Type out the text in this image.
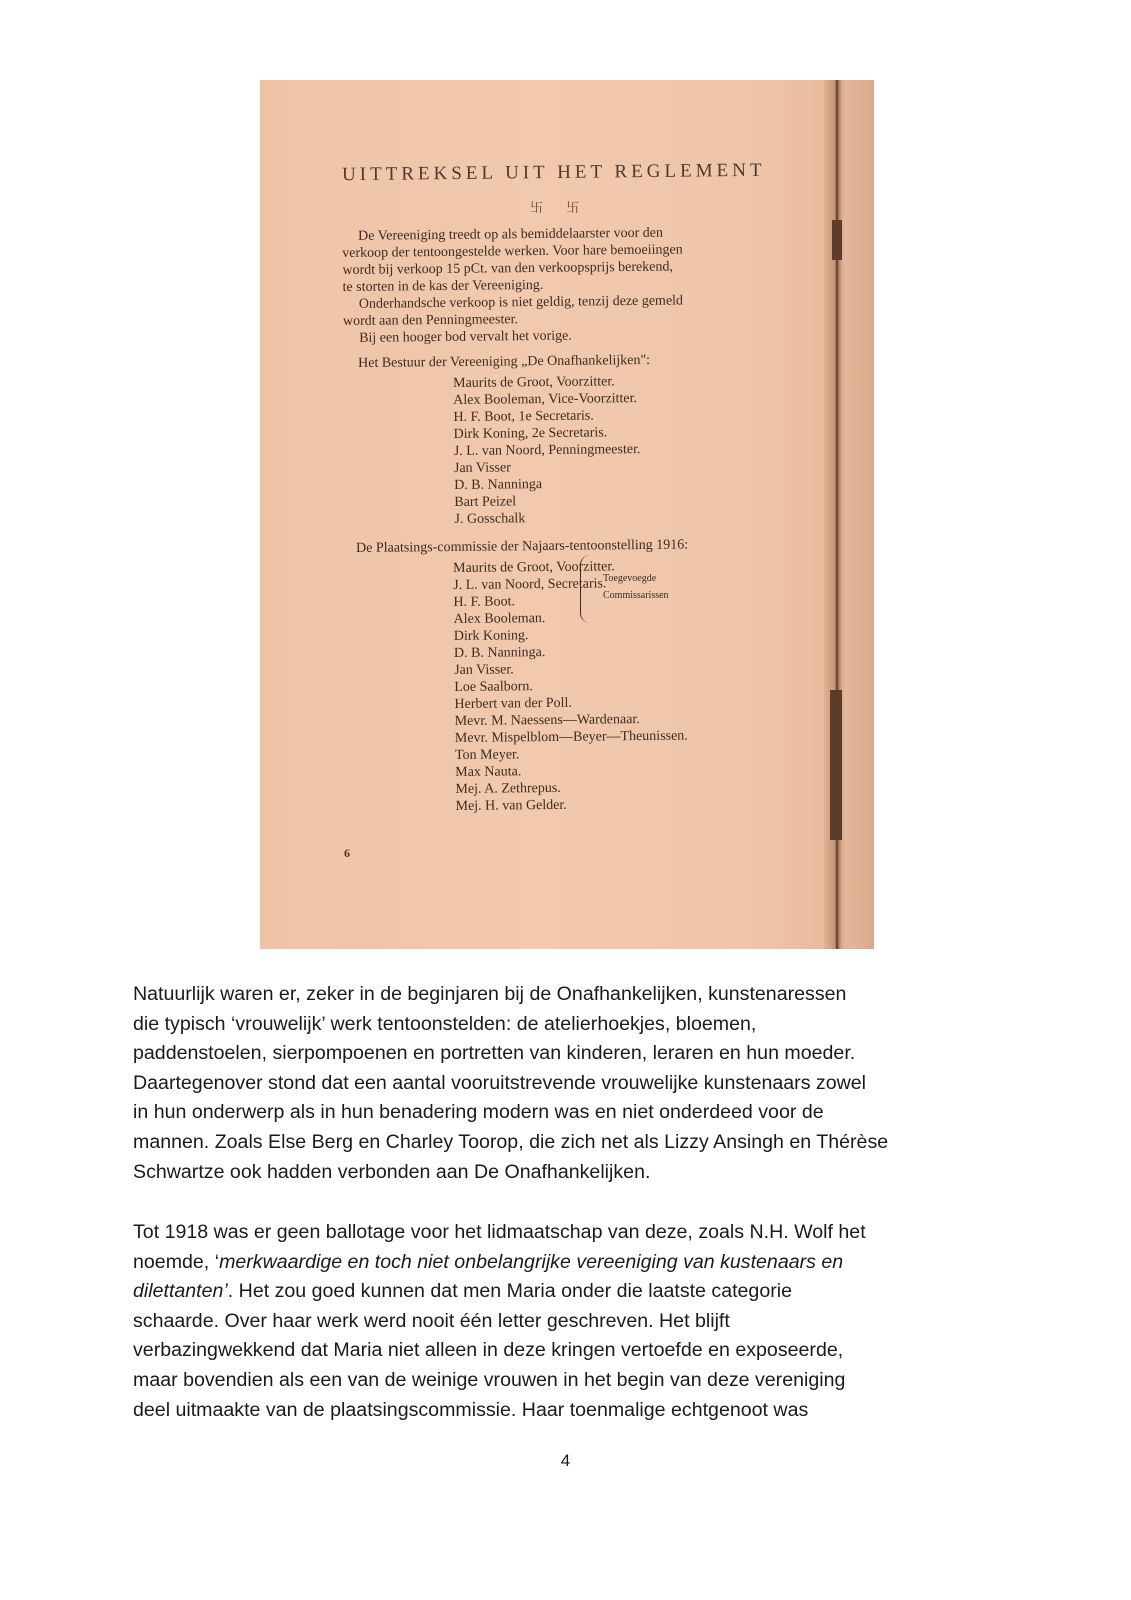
UITTREKSEL UIT HET REGLEMENT
卐 卐

De Vereeniging treedt op als bemiddelaarster voor den

verkoop der tentoongestelde werken. Voor hare bemoeiingen

wordt bij verkoop 15 pCt. van den verkoopsprijs berekend,

te storten in de kas der Vereeniging.

Onderhandsche verkoop is niet geldig, tenzij deze gemeld

wordt aan den Penningmeester.

Bij een hooger bod vervalt het vorige.

Het Bestuur der Vereeniging „De Onafhankelijken":
Maurits de Groot, Voorzitter.
Alex Booleman, Vice-Voorzitter.
H. F. Boot, 1e Secretaris.
Dirk Koning, 2e Secretaris.
J. L. van Noord, Penningmeester.
Jan Visser
D. B. Nanninga
Bart Peizel
J. Gosschalk
Toegevoegde
Commissarissen
De Plaatsings-commissie der Najaars-tentoonstelling 1916:
Maurits de Groot, Voorzitter.
J. L. van Noord, Secretaris.
H. F. Boot.
Alex Booleman.
Dirk Koning.
D. B. Nanninga.
Jan Visser.
Loe Saalborn.
Herbert van der Poll.
Mevr. M. Naessens—Wardenaar.
Mevr. Mispelblom—Beyer—Theunissen.
Ton Meyer.
Max Nauta.
Mej. A. Zethrepus.
Mej. H. van Gelder.
6
Natuurlijk waren er, zeker in de beginjaren bij de Onafhankelijken, kunstenaressen
die typisch ‘vrouwelijk’ werk tentoonstelden: de atelierhoekjes, bloemen,
paddenstoelen, sierpompoenen en portretten van kinderen, leraren en hun moeder.
Daartegenover stond dat een aantal vooruitstrevende vrouwelijke kunstenaars zowel
in hun onderwerp als in hun benadering modern was en niet onderdeed voor de
mannen. Zoals Else Berg en Charley Toorop, die zich net als Lizzy Ansingh en Thérèse
Schwartze ook hadden verbonden aan De Onafhankelijken.
Tot 1918 was er geen ballotage voor het lidmaatschap van deze, zoals N.H. Wolf het
noemde, ‘merkwaardige en toch niet onbelangrijke vereeniging van kustenaars en
dilettanten’. Het zou goed kunnen dat men Maria onder die laatste categorie
schaarde. Over haar werk werd nooit één letter geschreven. Het blijft
verbazingwekkend dat Maria niet alleen in deze kringen vertoefde en exposeerde,
maar bovendien als een van de weinige vrouwen in het begin van deze vereniging
deel uitmaakte van de plaatsingscommissie. Haar toenmalige echtgenoot was
4
